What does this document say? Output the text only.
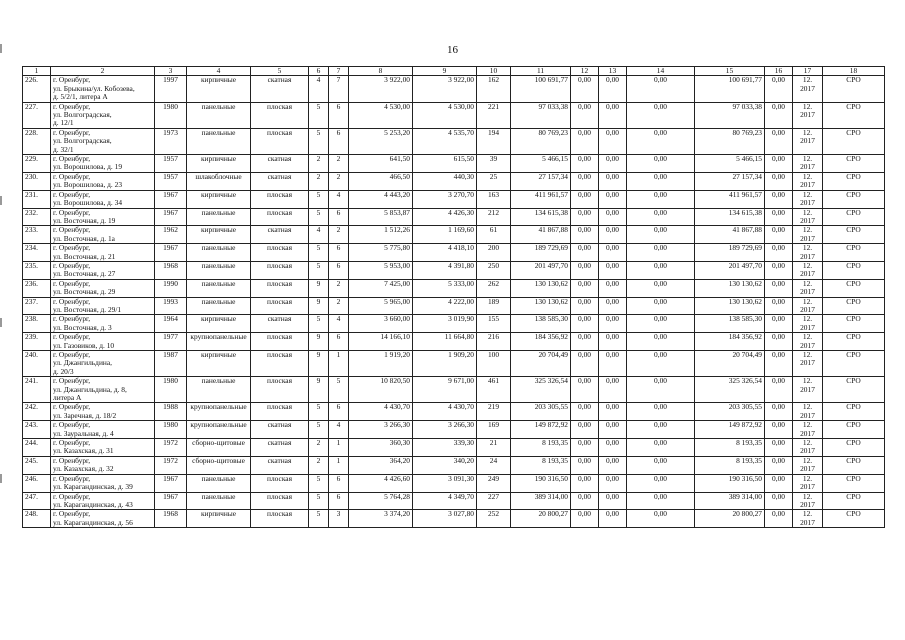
16
1	2	3	4	5	6	7	8	9	10	11	12	13	14	15	16	17	18
226.	г. Оренбург,
ул. Брыкина/ул. Кобозева,
д. 5/2/1, литера А	1997	кирпичные	скатная	4	7	3 922,00	3 922,00	162	100 691,77	0,00	0,00	0,00	100 691,77	0,00	12.
2017	СРО
227.	г. Оренбург,
ул. Волгоградская,
д. 12/1	1980	панельные	плоская	5	6	4 530,00	4 530,00	221	97 033,38	0,00	0,00	0,00	97 033,38	0,00	12.
2017	СРО
228.	г. Оренбург,
ул. Волгоградская,
д. 32/1	1973	панельные	плоская	5	6	5 253,20	4 535,70	194	80 769,23	0,00	0,00	0,00	80 769,23	0,00	12.
2017	СРО
229.	г. Оренбург,
ул. Ворошилова, д. 19	1957	кирпичные	скатная	2	2	641,50	615,50	39	5 466,15	0,00	0,00	0,00	5 466,15	0,00	12.
2017	СРО
230.	г. Оренбург,
ул. Ворошилова, д. 23	1957	шлакоблочные	скатная	2	2	466,50	440,30	25	27 157,34	0,00	0,00	0,00	27 157,34	0,00	12.
2017	СРО
231.	г. Оренбург,
ул. Ворошилова, д. 34	1967	кирпичные	плоская	5	4	4 443,20	3 270,70	163	411 961,57	0,00	0,00	0,00	411 961,57	0,00	12.
2017	СРО
232.	г. Оренбург,
ул. Восточная, д. 19	1967	панельные	плоская	5	6	5 853,87	4 426,30	212	134 615,38	0,00	0,00	0,00	134 615,38	0,00	12.
2017	СРО
233.	г. Оренбург,
ул. Восточная, д. 1а	1962	кирпичные	скатная	4	2	1 512,26	1 169,60	61	41 867,88	0,00	0,00	0,00	41 867,88	0,00	12.
2017	СРО
234.	г. Оренбург,
ул. Восточная, д. 21	1967	панельные	плоская	5	6	5 775,80	4 418,10	200	189 729,69	0,00	0,00	0,00	189 729,69	0,00	12.
2017	СРО
235.	г. Оренбург,
ул. Восточная, д. 27	1968	панельные	плоская	5	6	5 953,00	4 391,80	250	201 497,70	0,00	0,00	0,00	201 497,70	0,00	12.
2017	СРО
236.	г. Оренбург,
ул. Восточная, д. 29	1990	панельные	плоская	9	2	7 425,00	5 333,00	262	130 130,62	0,00	0,00	0,00	130 130,62	0,00	12.
2017	СРО
237.	г. Оренбург,
ул. Восточная, д. 29/1	1993	панельные	плоская	9	2	5 965,00	4 222,00	189	130 130,62	0,00	0,00	0,00	130 130,62	0,00	12.
2017	СРО
238.	г. Оренбург,
ул. Восточная, д. 3	1964	кирпичные	скатная	5	4	3 660,00	3 019,90	155	138 585,30	0,00	0,00	0,00	138 585,30	0,00	12.
2017	СРО
239.	г. Оренбург,
ул. Газовиков, д. 10	1977	крупнопанельные	плоская	9	6	14 166,10	11 664,80	216	184 356,92	0,00	0,00	0,00	184 356,92	0,00	12.
2017	СРО
240.	г. Оренбург,
ул. Джангильдина,
д. 20/3	1987	кирпичные	плоская	9	1	1 919,20	1 909,20	100	20 704,49	0,00	0,00	0,00	20 704,49	0,00	12.
2017	СРО
241.	г. Оренбург,
ул. Джангильдина, д. 8,
литера А	1980	панельные	плоская	9	5	10 820,50	9 671,00	461	325 326,54	0,00	0,00	0,00	325 326,54	0,00	12.
2017	СРО
242.	г. Оренбург,
ул. Заречная, д. 18/2	1988	крупнопанельные	плоская	5	6	4 430,70	4 430,70	219	203 305,55	0,00	0,00	0,00	203 305,55	0,00	12.
2017	СРО
243.	г. Оренбург,
ул. Зауральная, д. 4	1980	крупнопанельные	скатная	5	4	3 266,30	3 266,30	169	149 872,92	0,00	0,00	0,00	149 872,92	0,00	12.
2017	СРО
244.	г. Оренбург,
ул. Казахская, д. 31	1972	сборно-щитовые	скатная	2	1	360,30	339,30	21	8 193,35	0,00	0,00	0,00	8 193,35	0,00	12.
2017	СРО
245.	г. Оренбург,
ул. Казахская, д. 32	1972	сборно-щитовые	скатная	2	1	364,20	340,20	24	8 193,35	0,00	0,00	0,00	8 193,35	0,00	12.
2017	СРО
246.	г. Оренбург,
ул. Карагандинская, д. 39	1967	панельные	плоская	5	6	4 426,60	3 091,30	249	190 316,50	0,00	0,00	0,00	190 316,50	0,00	12.
2017	СРО
247.	г. Оренбург,
ул. Карагандинская, д. 43	1967	панельные	плоская	5	6	5 764,28	4 349,70	227	389 314,00	0,00	0,00	0,00	389 314,00	0,00	12.
2017	СРО
248.	г. Оренбург,
ул. Карагандинская, д. 56	1968	кирпичные	плоская	5	3	3 374,20	3 027,80	252	20 800,27	0,00	0,00	0,00	20 800,27	0,00	12.
2017	СРО
